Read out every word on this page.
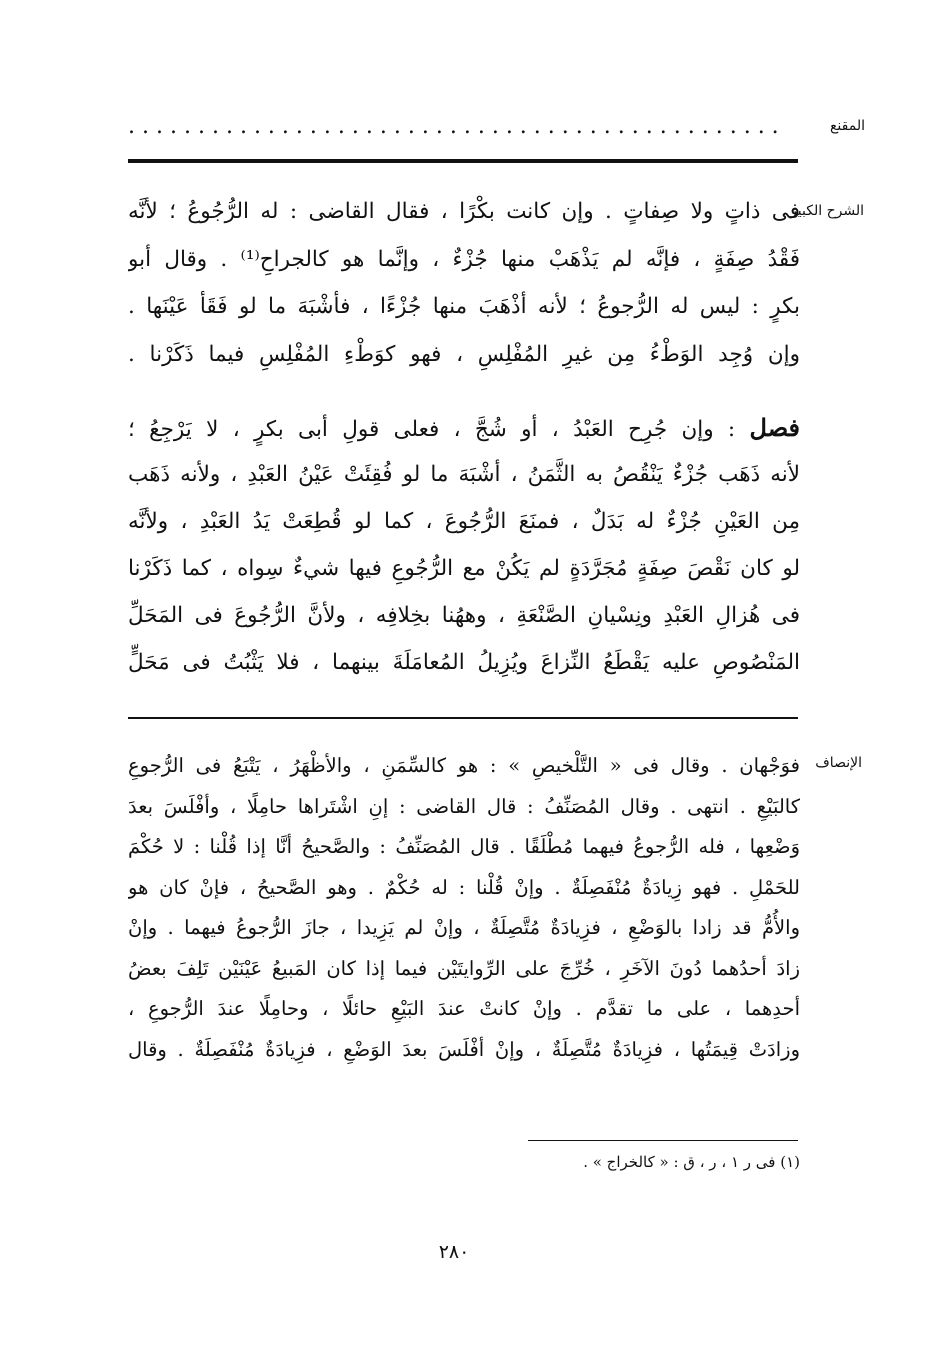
المقنع
...............................................
الشرح الكبير
فى ذاتٍ ولا صِفاتٍ . وإن كانت بكْرًا ، فقال القاضى : له الرُّجُوعُ ؛ لأنَّه
فَقْدُ صِفَةٍ ، فإنَّه لم يَذْهَبْ منها جُزْءٌ ، وإنَّما هو كالجراحِ⁽¹⁾ . وقال أبو
بكرٍ : ليس له الرُّجوعُ ؛ لأنه أذْهَبَ منها جُزْءًا ، فأشْبَهَ ما لو فَقَأ عَيْنَها .
وإن وُجِد الوَطْءُ مِن غيرِ المُفْلِسِ ، فهو كوَطْءِ المُفْلِسِ فيما ذَكَرْنا .
فصل : وإن جُرِح العَبْدُ ، أو شُجَّ ، فعلى قولِ أبى بكرٍ ، لا يَرْجِعُ ؛
لأنه ذَهَب جُزْءٌ يَنْقُصُ به الثَّمَنُ ، أشْبَهَ ما لو فُقِئَتْ عَيْنُ العَبْدِ ، ولأنه ذَهَب
مِن العَيْنِ جُزْءٌ له بَدَلٌ ، فمنَعَ الرُّجُوعَ ، كما لو قُطِعَتْ يَدُ العَبْدِ ، ولأنَّه
لو كان نَقْصَ صِفَةٍ مُجَرَّدَةٍ لم يَكُنْ مع الرُّجُوعِ فيها شيءٌ سِواه ، كما ذَكَرْنا
فى هُزالِ العَبْدِ ونِسْيانِ الصَّنْعَةِ ، وههُنا بخِلافِه ، ولأنَّ الرُّجُوعَ فى المَحَلِّ
المَنْصُوصِ عليه يَقْطَعُ النِّزاعَ ويُزِيلُ المُعامَلَةَ بينهما ، فلا يَثْبُتُ فى مَحَلٍّ
الإنصاف
فوَجْهان . وقال فى « التَّلْخيصِ » : هو كالسِّمَنِ ، والأظْهَرُ ، يَتْبَعُ فى الرُّجوعِ
كالبَيْعِ . انتهى . وقال المُصَنِّفُ : قال القاضى : إنِ اشْتَراها حامِلًا ، وأفْلَسَ بعدَ
وَضْعِها ، فله الرُّجوعُ فيهما مُطْلَقًا . قال المُصَنِّفُ : والصَّحيحُ أنَّا إذا قُلْنا : لا حُكْمَ
للحَمْلِ . فهو زِيادَةٌ مُنْفَصِلَةٌ . وإنْ قُلْنا : له حُكْمٌ . وهو الصَّحيحُ ، فإنْ كان هو
والأُمُّ قد زادا بالوَضْعِ ، فزِيادَةٌ مُتَّصِلَةٌ ، وإنْ لم يَزِيدا ، جازَ الرُّجوعُ فيهما . وإنْ
زادَ أحدُهما دُونَ الآخَرِ ، خُرِّجَ على الرِّوايتَيْن فيما إذا كان المَبيعُ عَيْنَيْن تَلِفَ بعضُ
أحدِهما ، على ما تقدَّم . وإنْ كانتْ عندَ البَيْعِ حائلًا ، وحامِلًا عندَ الرُّجوعِ ،
وزادَتْ قِيمَتُها ، فزِيادَةٌ مُتَّصِلَةٌ ، وإنْ أفْلَسَ بعدَ الوَضْعِ ، فزِيادَةٌ مُنْفَصِلَةٌ . وقال
(١) فى ر ١ ، ر ، ق : « كالخراج » .
٢٨٠
